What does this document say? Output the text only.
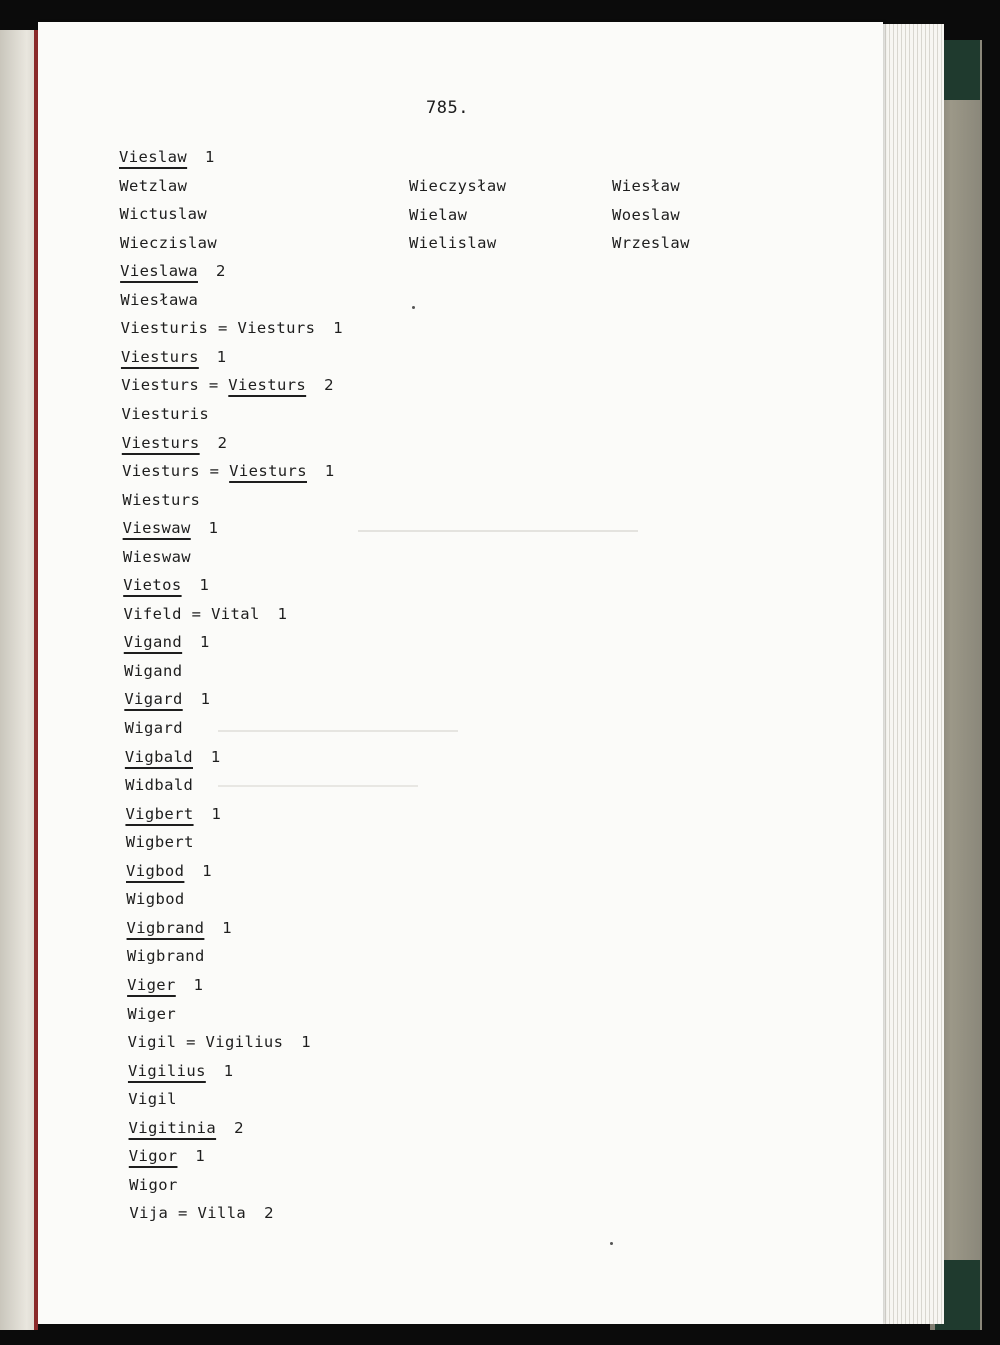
785.
Vieslaw 1
Wetzlaw
Wictuslaw
Wieczislaw
Vieslawa 2
Wiesława
Viesturis = Viesturs 1
Viesturs 1
Viesturs = Viesturs 2
Viesturis
Viesturs 2
Viesturs = Viesturs 1
Wiesturs
Vieswaw 1
Wieswaw
Vietos 1
Vifeld = Vital 1
Vigand 1
Wigand
Vigard 1
Wigard
Vigbald 1
Widbald
Vigbert 1
Wigbert
Vigbod 1
Wigbod
Vigbrand 1
Wigbrand
Viger 1
Wiger
Vigil = Vigilius 1
Vigilius 1
Vigil
Vigitinia 2
Vigor 1
Wigor
Vija = Villa 2
Wieczysław
Wielaw
Wielislaw
Wiesław
Woeslaw
Wrzeslaw
